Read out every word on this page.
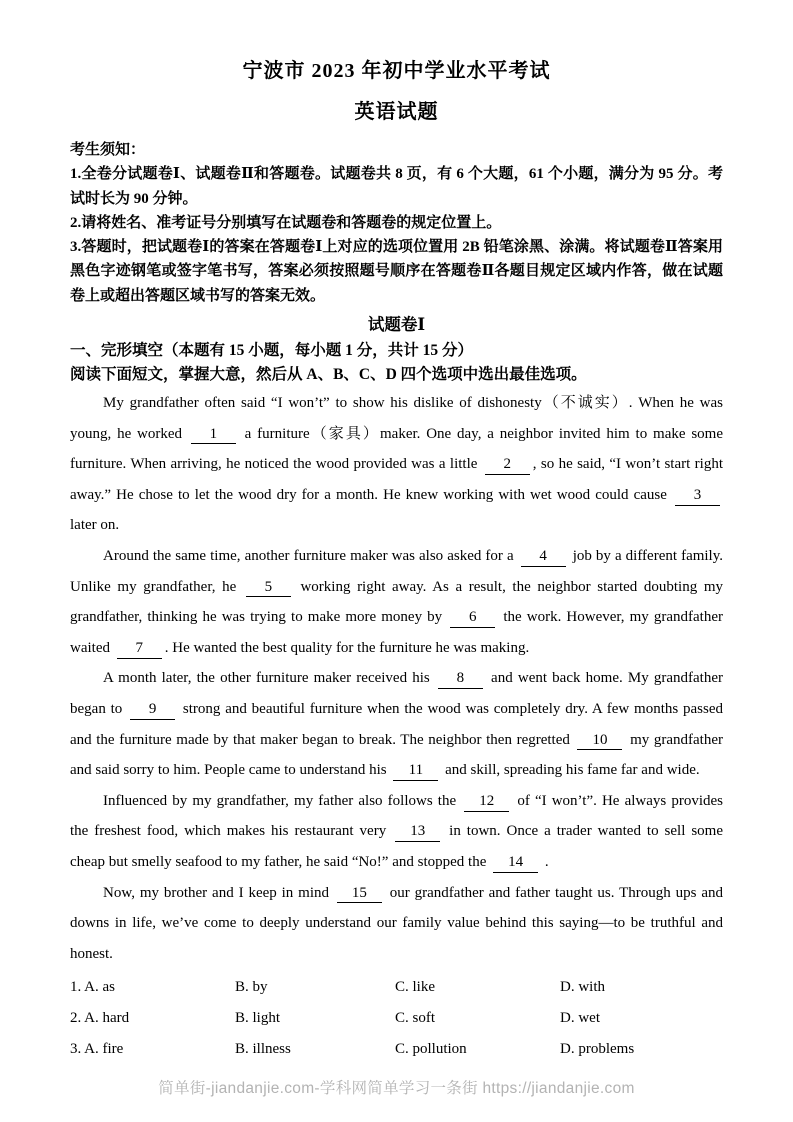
宁波市 2023 年初中学业水平考试
英语试题

考生须知：

1.全卷分试题卷Ⅰ、试题卷Ⅱ和答题卷。试题卷共 8 页，有 6 个大题，61 个小题，满分为 95 分。考试时长为 90 分钟。

2.请将姓名、准考证号分别填写在试题卷和答题卷的规定位置上。

3.答题时，把试题卷Ⅰ的答案在答题卷Ⅰ上对应的选项位置用 2B 铅笔涂黑、涂满。将试题卷Ⅱ答案用黑色字迹钢笔或签字笔书写，答案必须按照题号顺序在答题卷Ⅱ各题目规定区域内作答，做在试题卷上或超出答题区域书写的答案无效。

试题卷Ⅰ
一、完形填空（本题有 15 小题，每小题 1 分，共计 15 分）
阅读下面短文，掌握大意，然后从 A、B、C、D 四个选项中选出最佳选项。

My grandfather often said “I won’t” to show his dislike of dishonesty（不诚实）. When he was young, he worked 1 a furniture（家具）maker. One day, a neighbor invited him to make some furniture. When arriving, he noticed the wood provided was a little 2 , so he said, “I won’t start right away.” He chose to let the wood dry for a month. He knew working with wet wood could cause 3 later on.

Around the same time, another furniture maker was also asked for a 4 job by a different family. Unlike my grandfather, he 5 working right away. As a result, the neighbor started doubting my grandfather, thinking he was trying to make more money by 6 the work. However, my grandfather waited 7 . He wanted the best quality for the furniture he was making.

A month later, the other furniture maker received his 8 and went back home. My grandfather began to 9 strong and beautiful furniture when the wood was completely dry. A few months passed and the furniture made by that maker began to break. The neighbor then regretted 10 my grandfather and said sorry to him. People came to understand his 11 and skill, spreading his fame far and wide.

Influenced by my grandfather, my father also follows the 12 of “I won’t”. He always provides the freshest food, which makes his restaurant very 13 in town. Once a trader wanted to sell some cheap but smelly seafood to my father, he said “No!” and stopped the 14 .

Now, my brother and I keep in mind 15 our grandfather and father taught us. Through ups and downs in life, we’ve come to deeply understand our family value behind this saying—to be truthful and honest.

1. A. as	B. by	C. like	D. with
2. A. hard	B. light	C. soft	D. wet
3. A. fire	B. illness	C. pollution	D. problems
简单街-jiandanjie.com-学科网简单学习一条街 https://jiandanjie.com
